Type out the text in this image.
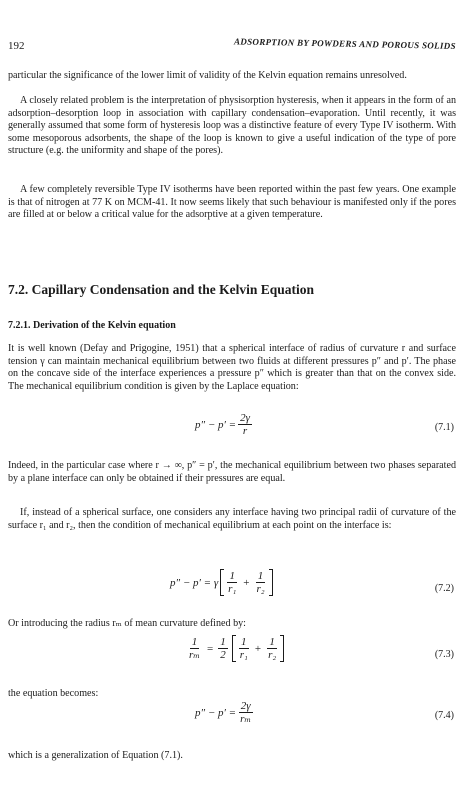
192	ADSORPTION BY POWDERS AND POROUS SOLIDS

particular the significance of the lower limit of validity of the Kelvin equation remains unresolved.

A closely related problem is the interpretation of physisorption hysteresis, when it appears in the form of an adsorption–desorption loop in association with capillary condensation–evaporation. Until recently, it was generally assumed that some form of hysteresis loop was a distinctive feature of every Type IV isotherm. With some mesoporous adsorbents, the shape of the loop is known to give a useful indication of the type of pore structure (e.g. the uniformity and shape of the pores).

A few completely reversible Type IV isotherms have been reported within the past few years. One example is that of nitrogen at 77 K on MCM-41. It now seems likely that such behaviour is manifested only if the pores are filled at or below a critical value for the adsorptive at a given temperature.

7.2. Capillary Condensation and the Kelvin Equation
7.2.1. Derivation of the Kelvin equation

It is well known (Defay and Prigogine, 1951) that a spherical interface of radius of curvature r and surface tension γ can maintain mechanical equilibrium between two fluids at different pressures p″ and p′. The phase on the concave side of the interface experiences a pressure p″ which is greater than that on the convex side. The mechanical equilibrium condition is given by the Laplace equation:

$p'' - p' = \frac{2\gamma}{r}$	(7.1)

Indeed, in the particular case where r → ∞, p″ = p′, the mechanical equilibrium between two phases separated by a plane interface can only be obtained if their pressures are equal.

If, instead of a spherical surface, one considers any interface having two principal radii of curvature of the surface r₁ and r₂, then the condition of mechanical equilibrium at each point on the interface is:

p″ − p′ = γ $\frac{1}{\text{r₁}} + \frac{1}{\text{r₂}}$	(7.2)

Or introducing the radius rₘ of mean curvature defined by:

$\frac{1}{\text{rₘ}} = \frac{1}{2} \frac{1}{\text{r₁}} + \frac{1}{\text{r₂}}$	(7.3)

the equation becomes:

$p'' - p' = \frac{2\gamma}{\text{rₘ}}$	(7.4)

which is a generalization of Equation (7.1).
